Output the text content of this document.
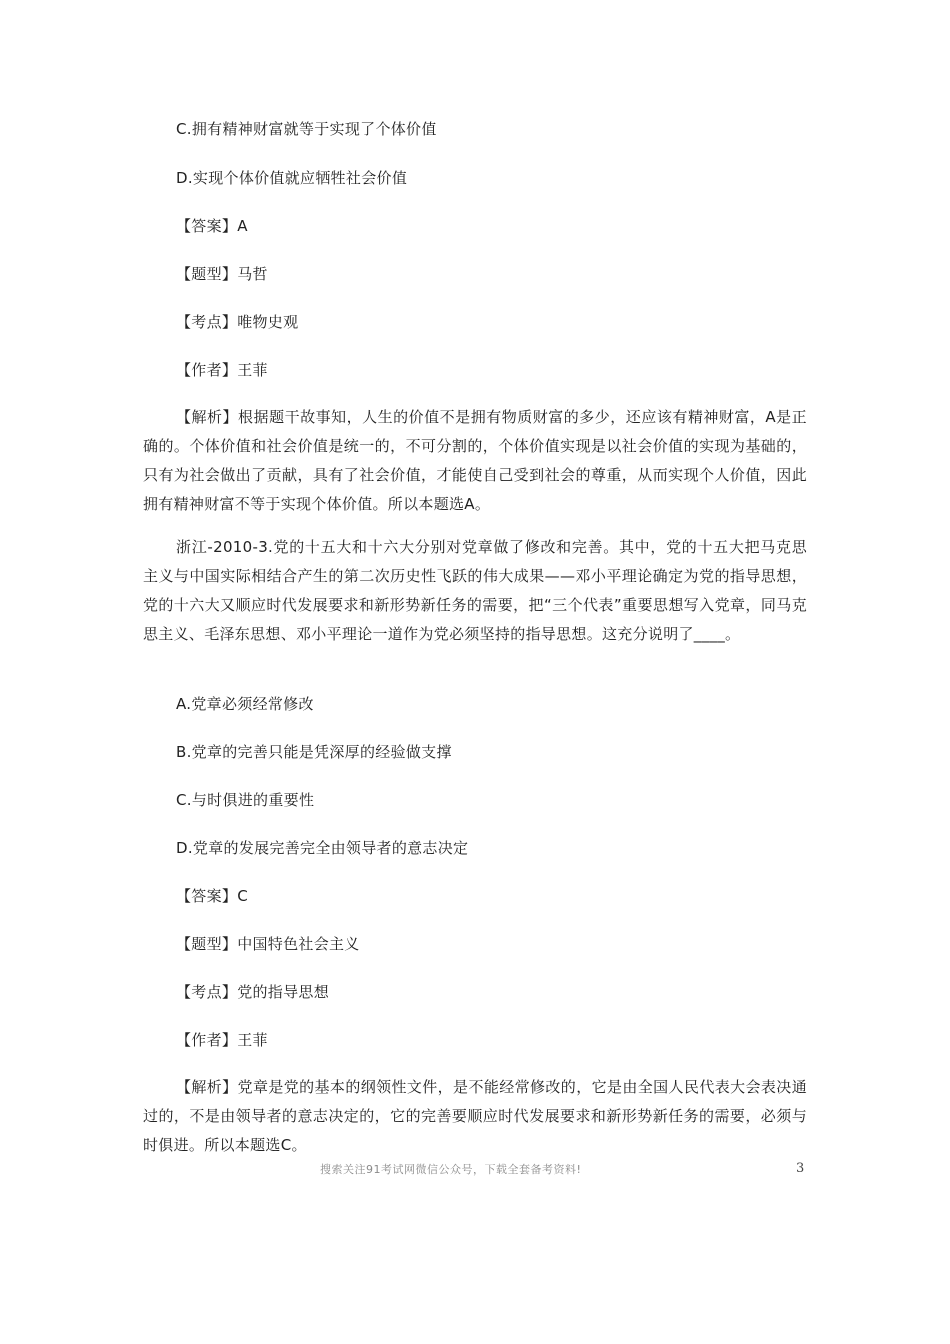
C.拥有精神财富就等于实现了个体价值
D.实现个体价值就应牺牲社会价值
【答案】A
【题型】马哲
【考点】唯物史观
【作者】王菲
【解析】根据题干故事知，人生的价值不是拥有物质财富的多少，还应该有精神财富，A是正确的。个体价值和社会价值是统一的，不可分割的，个体价值实现是以社会价值的实现为基础的，只有为社会做出了贡献，具有了社会价值，才能使自己受到社会的尊重，从而实现个人价值，因此拥有精神财富不等于实现个体价值。所以本题选A。
浙江-2010-3.党的十五大和十六大分别对党章做了修改和完善。其中，党的十五大把马克思主义与中国实际相结合产生的第二次历史性飞跃的伟大成果——邓小平理论确定为党的指导思想，党的十六大又顺应时代发展要求和新形势新任务的需要，把“三个代表”重要思想写入党章，同马克思主义、毛泽东思想、邓小平理论一道作为党必须坚持的指导思想。这充分说明了____。
A.党章必须经常修改
B.党章的完善只能是凭深厚的经验做支撑
C.与时俱进的重要性
D.党章的发展完善完全由领导者的意志决定
【答案】C
【题型】中国特色社会主义
【考点】党的指导思想
【作者】王菲
【解析】党章是党的基本的纲领性文件，是不能经常修改的，它是由全国人民代表大会表决通过的，不是由领导者的意志决定的，它的完善要顺应时代发展要求和新形势新任务的需要，必须与时俱进。所以本题选C。
搜索关注91考试网微信公众号，下载全套备考资料!	3
